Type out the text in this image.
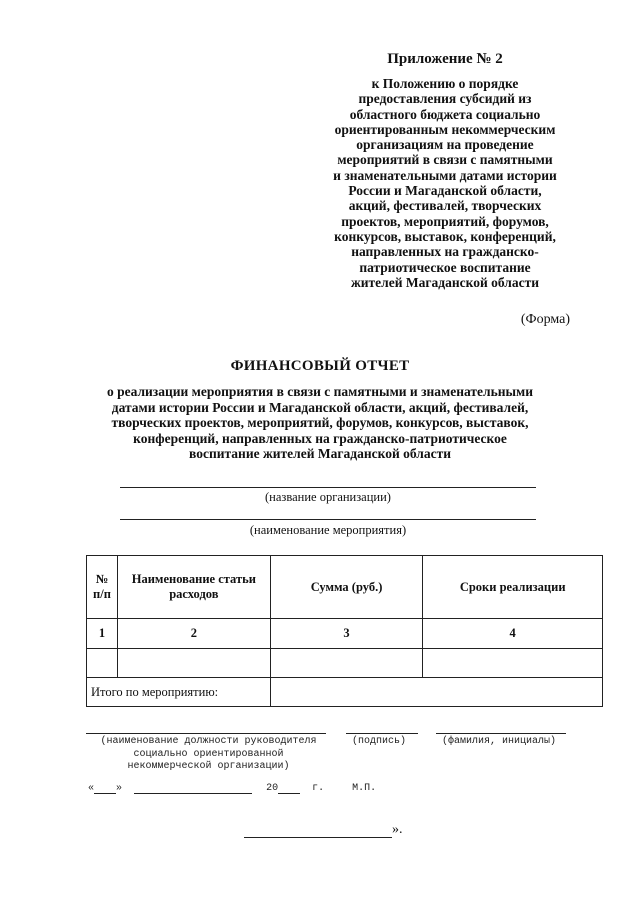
Приложение № 2
к Положению о порядке
предоставления субсидий из
областного бюджета социально
ориентированным некоммерческим
организациям на проведение
мероприятий в связи с памятными
и знаменательными датами истории
России и Магаданской области,
акций, фестивалей, творческих
проектов, мероприятий, форумов,
конкурсов, выставок, конференций,
направленных на гражданско-
патриотическое воспитание
жителей Магаданской области
(Форма)
ФИНАНСОВЫЙ ОТЧЕТ
о реализации мероприятия в связи с памятными и знаменательными
датами истории России и Магаданской области, акций, фестивалей,
творческих проектов, мероприятий, форумов, конкурсов, выставок,
конференций, направленных на гражданско-патриотическое
воспитание жителей Магаданской области
(название организации)
(наименование мероприятия)
№
п/п	Наименование статьи расходов	Сумма (руб.)	Сроки реализации
1	2	3	4

Итого по мероприятию:			
(наименование должности руководителя
социально ориентированной
некоммерческой организации)
(подпись)	(фамилия, инициалы)
« »	20	г.	М.П.
».
